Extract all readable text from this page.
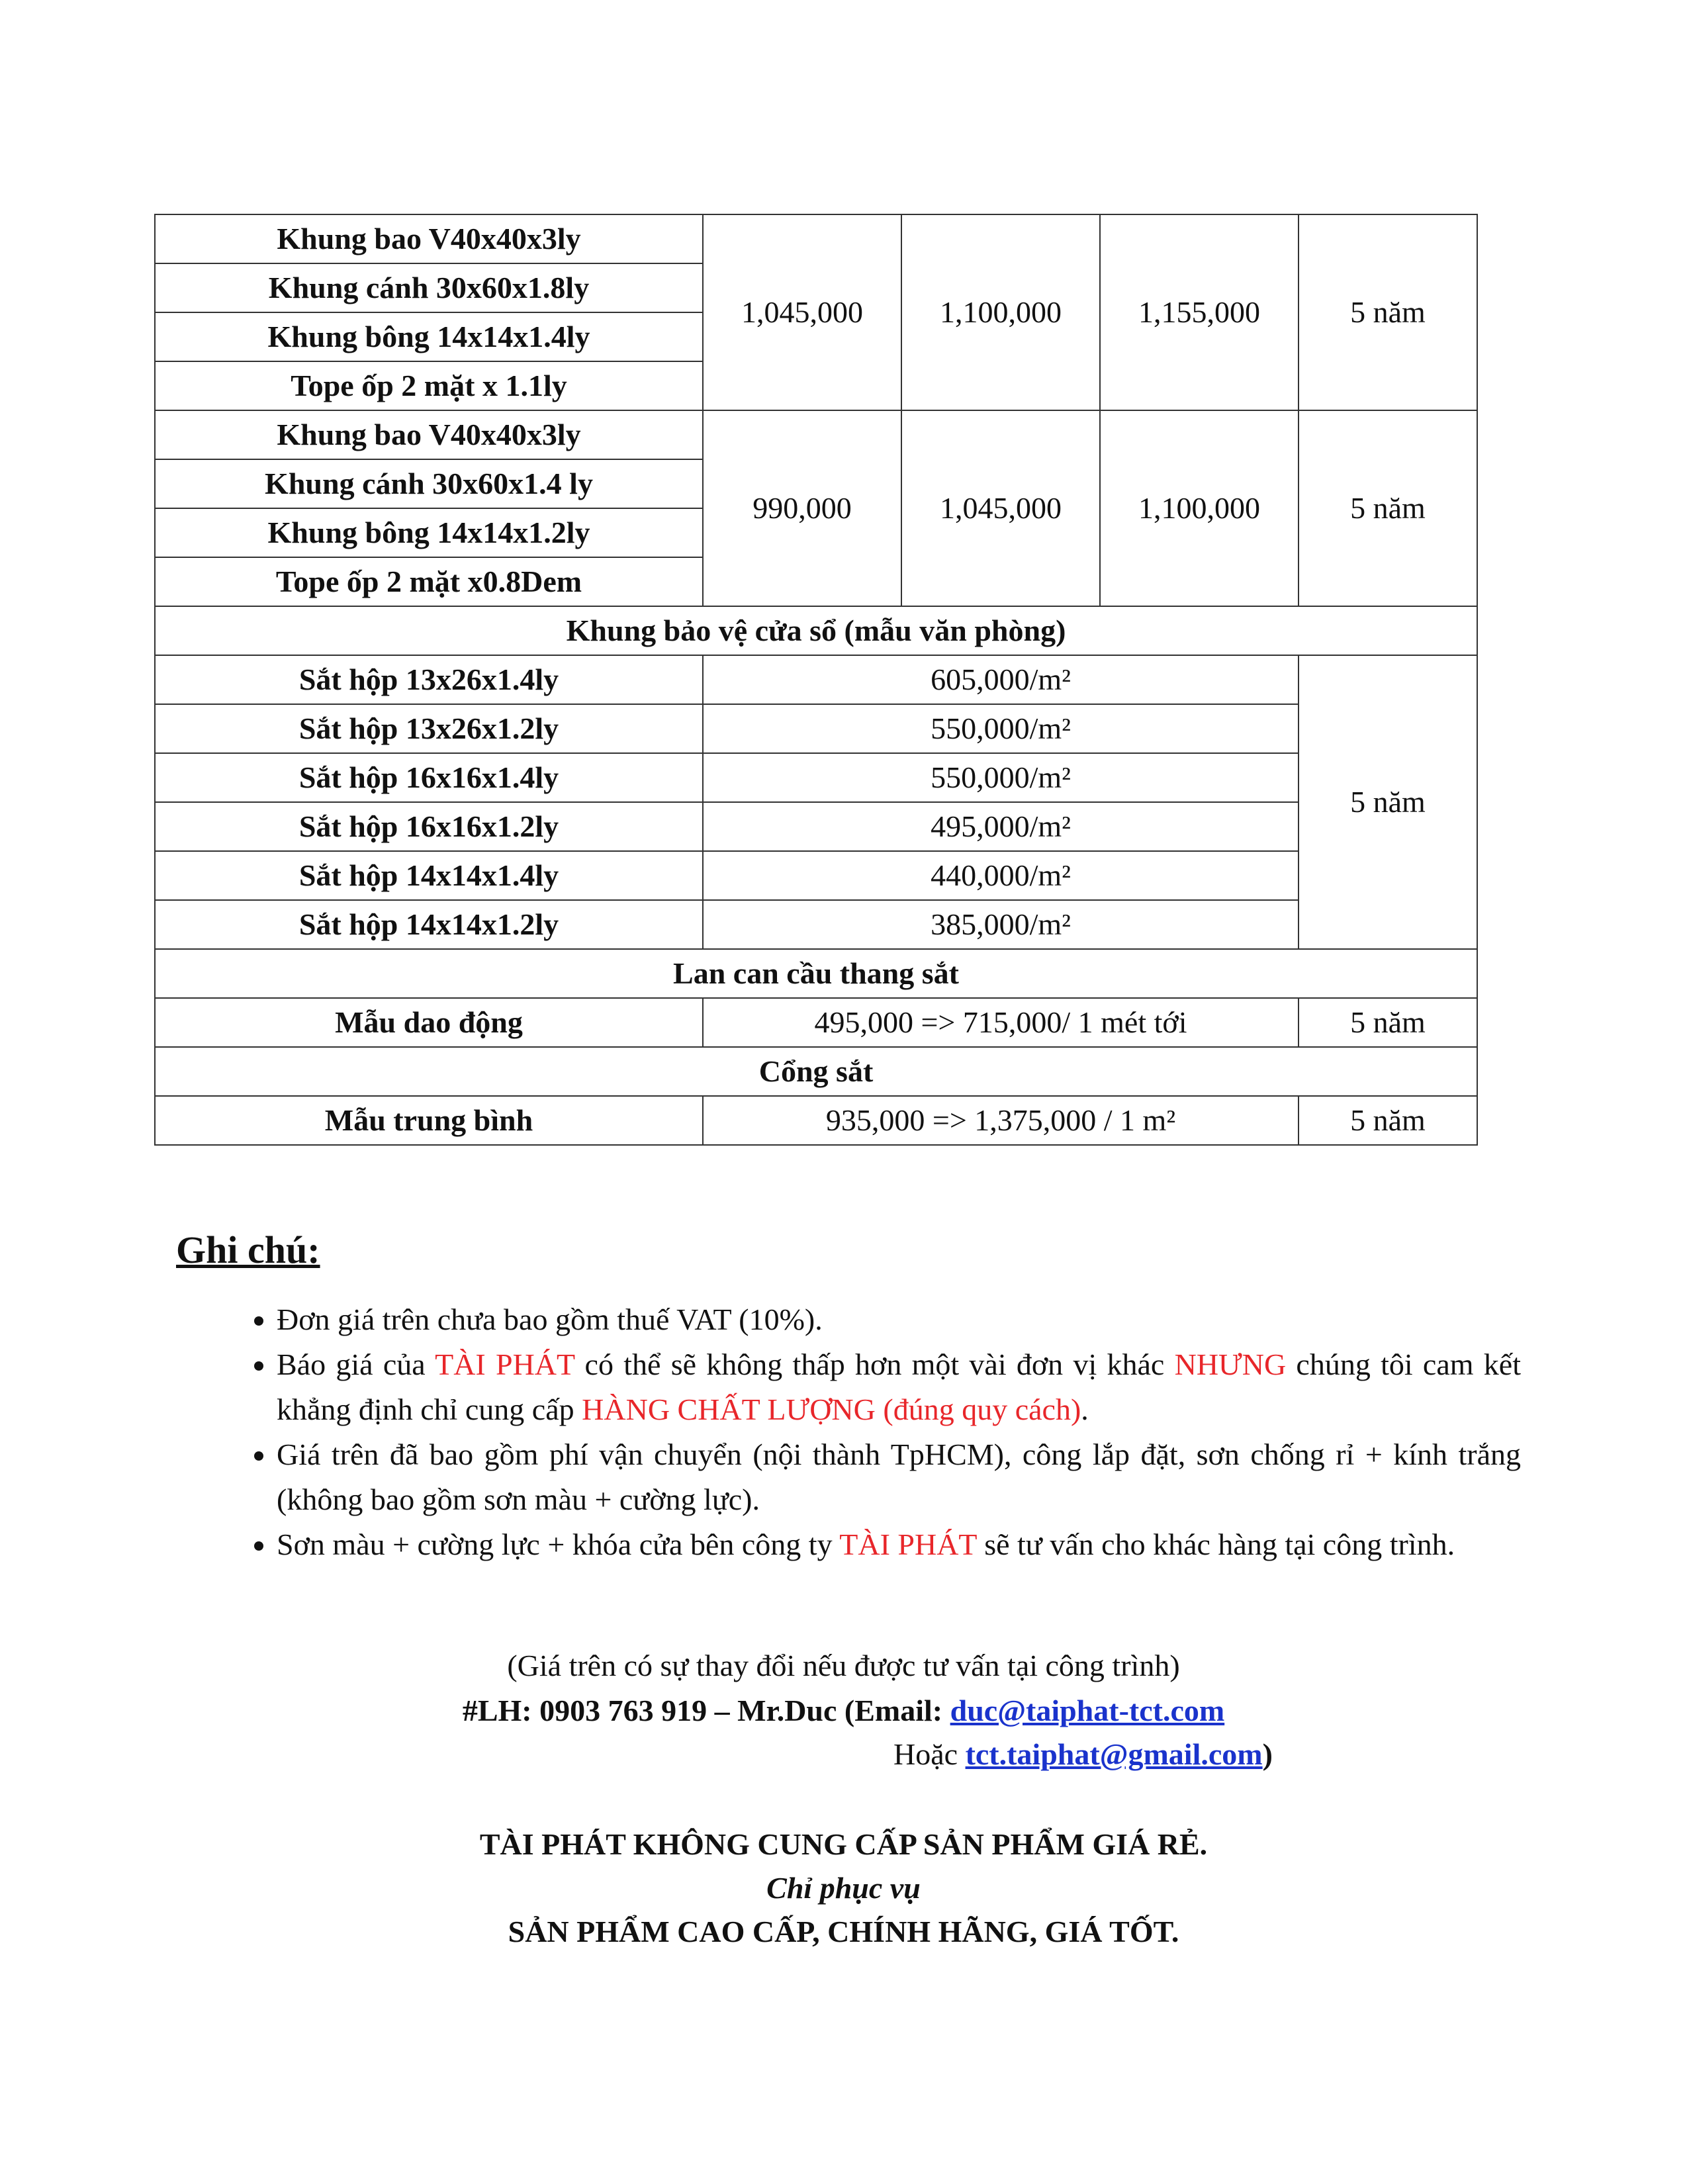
Khung bao V40x40x3ly	1,045,000	1,100,000	1,155,000	5 năm
Khung cánh 30x60x1.8ly				
Khung bông 14x14x1.4ly				
Tope ốp 2 mặt x 1.1ly				
Khung bao V40x40x3ly	990,000	1,045,000	1,100,000	5 năm
Khung cánh 30x60x1.4 ly				
Khung bông 14x14x1.2ly				
Tope ốp 2 mặt x0.8Dem				
Khung bảo vệ cửa sổ (mẫu văn phòng)				
Sắt hộp 13x26x1.4ly	605,000/m²			5 năm
Sắt hộp 13x26x1.2ly	550,000/m²			
Sắt hộp 16x16x1.4ly	550,000/m²			
Sắt hộp 16x16x1.2ly	495,000/m²			
Sắt hộp 14x14x1.4ly	440,000/m²			
Sắt hộp 14x14x1.2ly	385,000/m²			
Lan can cầu thang sắt				
Mẫu dao động	495,000 => 715,000/ 1 mét tới			5 năm
Cổng sắt				
Mẫu trung bình	935,000 => 1,375,000 / 1 m²			5 năm

Ghi chú:

• Đơn giá trên chưa bao gồm thuế VAT (10%).
• Báo giá của TÀI PHÁT có thể sẽ không thấp hơn một vài đơn vị khác NHƯNG chúng tôi cam kết khẳng định chỉ cung cấp HÀNG CHẤT LƯỢNG (đúng quy cách).
• Giá trên đã bao gồm phí vận chuyển (nội thành TpHCM), công lắp đặt, sơn chống rỉ + kính trắng (không bao gồm sơn màu + cường lực).
• Sơn màu + cường lực + khóa cửa bên công ty TÀI PHÁT sẽ tư vấn cho khác hàng tại công trình.
(Giá trên có sự thay đổi nếu được tư vấn tại công trình)
#LH: 0903 763 919 – Mr.Duc (Email: duc@taiphat-tct.com
Hoặc tct.taiphat@gmail.com)
TÀI PHÁT KHÔNG CUNG CẤP SẢN PHẨM GIÁ RẺ.
Chỉ phục vụ
SẢN PHẨM CAO CẤP, CHÍNH HÃNG, GIÁ TỐT.
